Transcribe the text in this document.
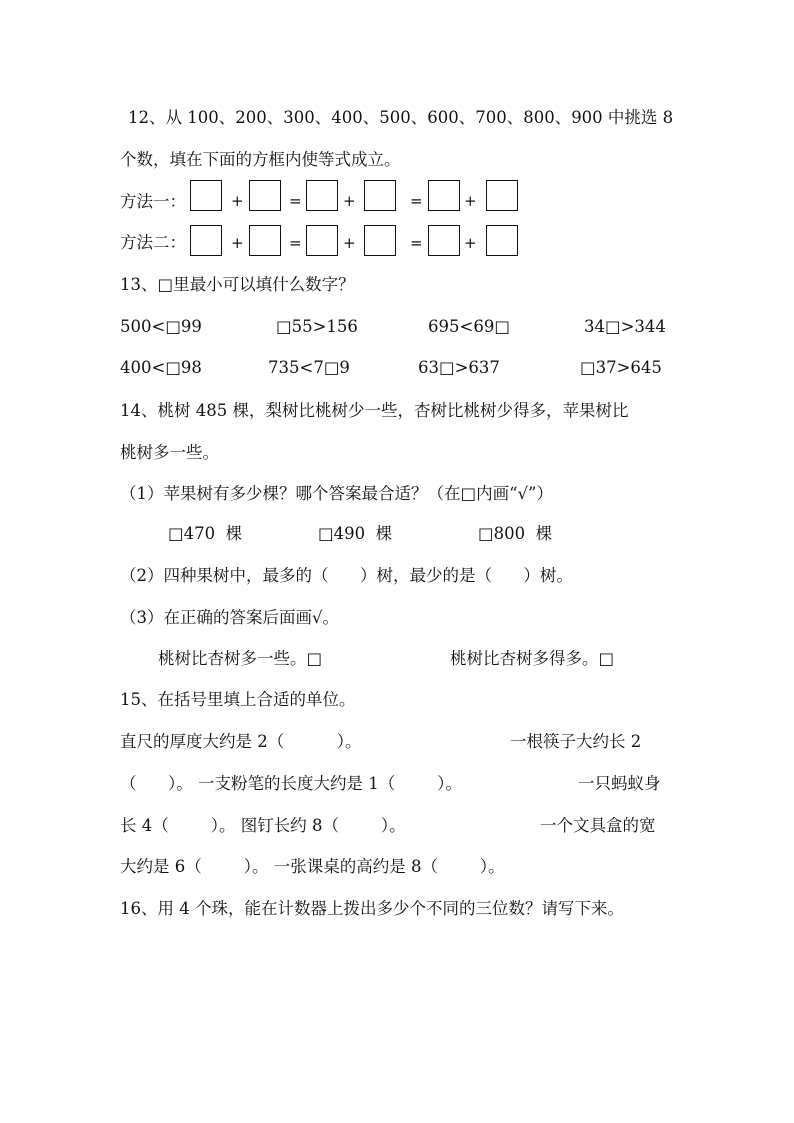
12、从 100、200、300、400、500、600、700、800、900 中挑选 8
个数，填在下面的方框内使等式成立。
方法一：	+	=	+	=	+
方法二：	+	=	+	=	+
13、□里最小可以填什么数字？
500<□99	□55>156	695<69□	34□>344
400<□98	735<7□9	63□>637	□37>645
14、桃树 485 棵，梨树比桃树少一些，杏树比桃树少得多，苹果树比
桃树多一些。
（1）苹果树有多少棵？哪个答案最合适？（在□内画“√”）
□470  棵	□490  棵	□800  棵
（2）四种果树中，最多的（      ）树，最少的是（      ）树。
（3）在正确的答案后面画√。
桃树比杏树多一些。□	桃树比杏树多得多。□
15、在括号里填上合适的单位。
直尺的厚度大约是 2（          ）。	一根筷子大约长 2
（      ）。 一支粉笔的长度大约是 1（        ）。	一只蚂蚁身
长 4（        ）。 图钉长约 8（        ）。	一个文具盒的宽
大约是 6（        ）。 一张课桌的高约是 8（        ）。
16、用 4 个珠，能在计数器上拨出多少个不同的三位数？请写下来。
